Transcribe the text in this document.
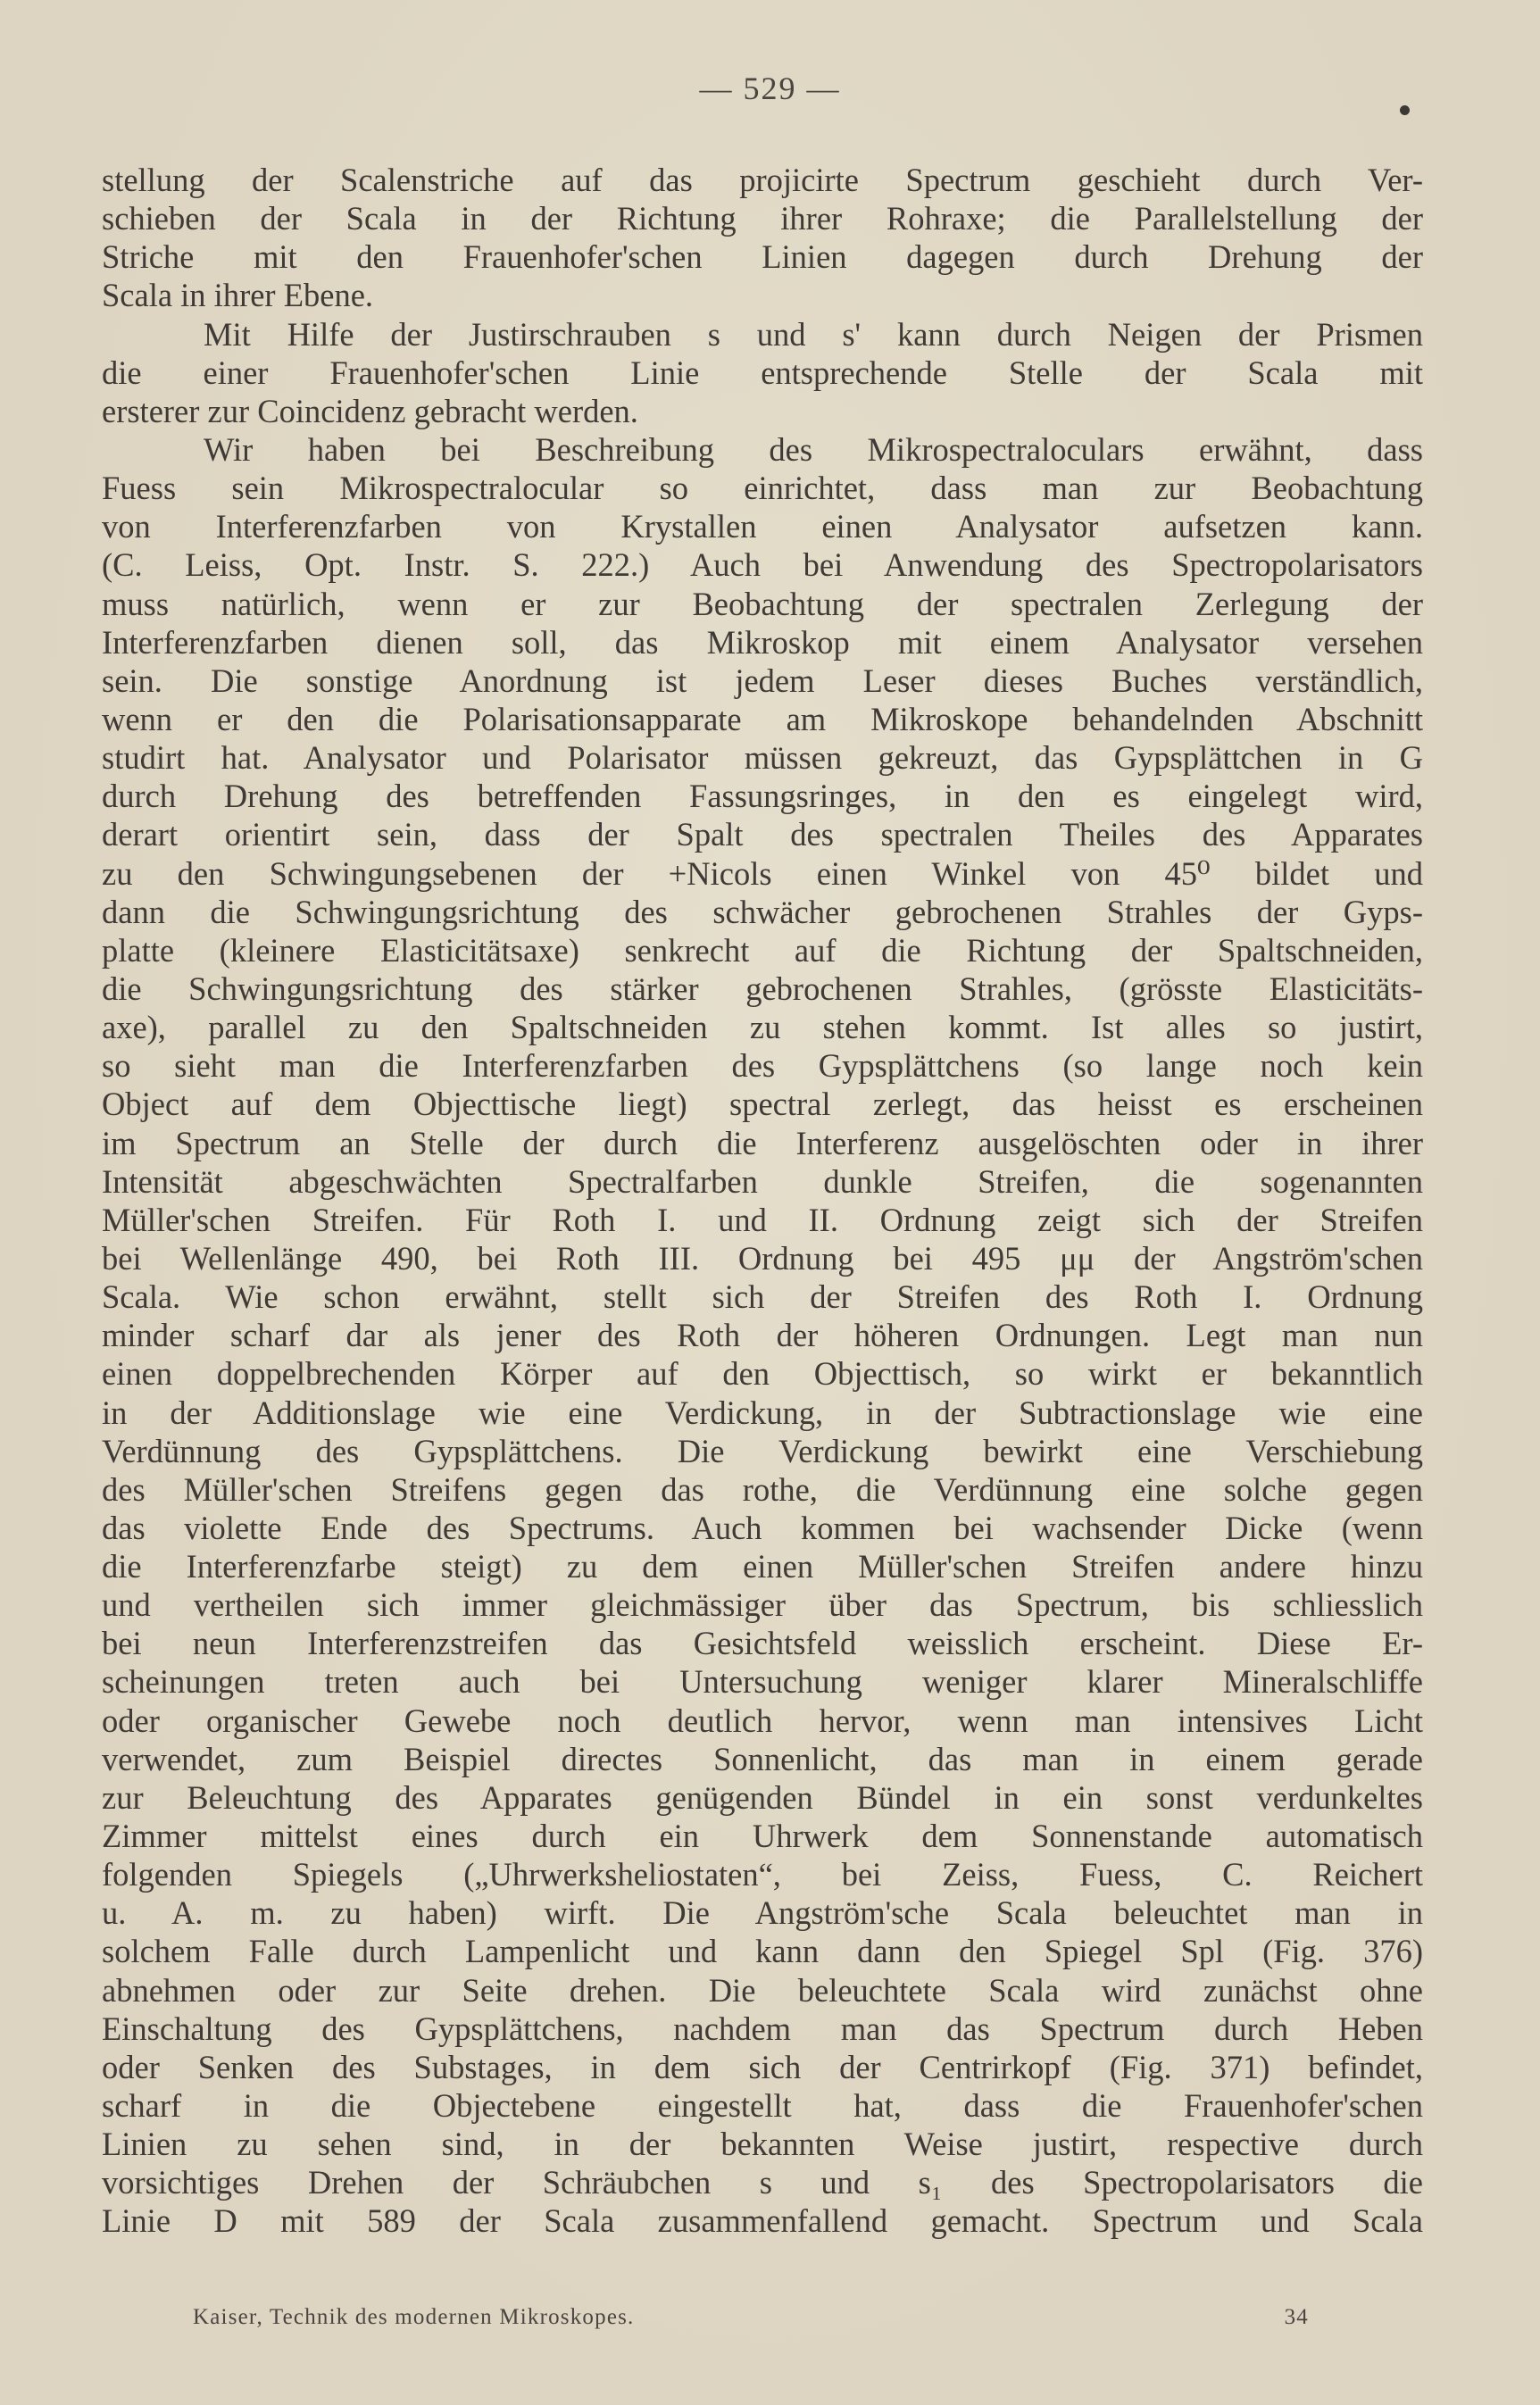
— 529 —
stellung der Scalenstriche auf das projicirte Spectrum geschieht durch Ver-
schieben der Scala in der Richtung ihrer Rohraxe; die Parallelstellung der
Striche mit den Frauenhofer'schen Linien dagegen durch Drehung der
Scala in ihrer Ebene.
Mit Hilfe der Justirschrauben s und s' kann durch Neigen der Prismen
die einer Frauenhofer'schen Linie entsprechende Stelle der Scala mit
ersterer zur Coincidenz gebracht werden.
Wir haben bei Beschreibung des Mikrospectraloculars erwähnt, dass
Fuess sein Mikrospectralocular so einrichtet, dass man zur Beobachtung
von Interferenzfarben von Krystallen einen Analysator aufsetzen kann.
(C. Leiss, Opt. Instr. S. 222.) Auch bei Anwendung des Spectropolarisators
muss natürlich, wenn er zur Beobachtung der spectralen Zerlegung der
Interferenzfarben dienen soll, das Mikroskop mit einem Analysator versehen
sein. Die sonstige Anordnung ist jedem Leser dieses Buches verständlich,
wenn er den die Polarisationsapparate am Mikroskope behandelnden Abschnitt
studirt hat. Analysator und Polarisator müssen gekreuzt, das Gypsplättchen in G
durch Drehung des betreffenden Fassungsringes, in den es eingelegt wird,
derart orientirt sein, dass der Spalt des spectralen Theiles des Apparates
zu den Schwingungsebenen der +Nicols einen Winkel von 45⁰ bildet und
dann die Schwingungsrichtung des schwächer gebrochenen Strahles der Gyps-
platte (kleinere Elasticitätsaxe) senkrecht auf die Richtung der Spaltschneiden,
die Schwingungsrichtung des stärker gebrochenen Strahles, (grösste Elasticitäts-
axe), parallel zu den Spaltschneiden zu stehen kommt. Ist alles so justirt,
so sieht man die Interferenzfarben des Gypsplättchens (so lange noch kein
Object auf dem Objecttische liegt) spectral zerlegt, das heisst es erscheinen
im Spectrum an Stelle der durch die Interferenz ausgelöschten oder in ihrer
Intensität abgeschwächten Spectralfarben dunkle Streifen, die sogenannten
Müller'schen Streifen. Für Roth I. und II. Ordnung zeigt sich der Streifen
bei Wellenlänge 490, bei Roth III. Ordnung bei 495 μμ der Angström'schen
Scala. Wie schon erwähnt, stellt sich der Streifen des Roth I. Ordnung
minder scharf dar als jener des Roth der höheren Ordnungen. Legt man nun
einen doppelbrechenden Körper auf den Objecttisch, so wirkt er bekanntlich
in der Additionslage wie eine Verdickung, in der Subtractionslage wie eine
Verdünnung des Gypsplättchens. Die Verdickung bewirkt eine Verschiebung
des Müller'schen Streifens gegen das rothe, die Verdünnung eine solche gegen
das violette Ende des Spectrums. Auch kommen bei wachsender Dicke (wenn
die Interferenzfarbe steigt) zu dem einen Müller'schen Streifen andere hinzu
und vertheilen sich immer gleichmässiger über das Spectrum, bis schliesslich
bei neun Interferenzstreifen das Gesichtsfeld weisslich erscheint. Diese Er-
scheinungen treten auch bei Untersuchung weniger klarer Mineralschliffe
oder organischer Gewebe noch deutlich hervor, wenn man intensives Licht
verwendet, zum Beispiel directes Sonnenlicht, das man in einem gerade
zur Beleuchtung des Apparates genügenden Bündel in ein sonst verdunkeltes
Zimmer mittelst eines durch ein Uhrwerk dem Sonnenstande automatisch
folgenden Spiegels („Uhrwerksheliostaten“, bei Zeiss, Fuess, C. Reichert
u. A. m. zu haben) wirft. Die Angström'sche Scala beleuchtet man in
solchem Falle durch Lampenlicht und kann dann den Spiegel Spl (Fig. 376)
abnehmen oder zur Seite drehen. Die beleuchtete Scala wird zunächst ohne
Einschaltung des Gypsplättchens, nachdem man das Spectrum durch Heben
oder Senken des Substages, in dem sich der Centrirkopf (Fig. 371) befindet,
scharf in die Objectebene eingestellt hat, dass die Frauenhofer'schen
Linien zu sehen sind, in der bekannten Weise justirt, respective durch
vorsichtiges Drehen der Schräubchen s und s₁ des Spectropolarisators die
Linie D mit 589 der Scala zusammenfallend gemacht. Spectrum und Scala
Kaiser, Technik des modernen Mikroskopes.	34
